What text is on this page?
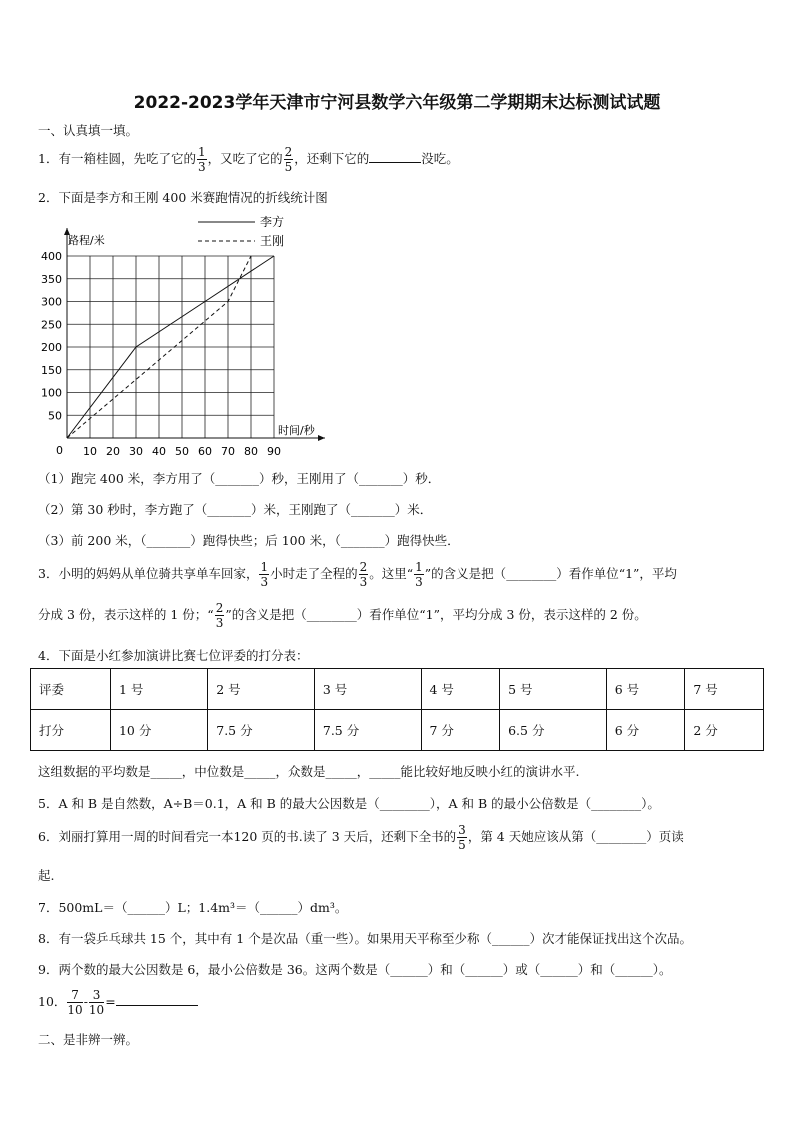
2022-2023学年天津市宁河县数学六年级第二学期期末达标测试试题
一、认真填一填。
1．有一箱桂圆，先吃了它的 $\frac{1}{3}$ ，又吃了它的 $\frac{2}{5}$ ，还剩下它的	没吃。
2．下面是李方和王刚 400 米赛跑情况的折线统计图
10 20 30 40 50 60 70 80 90
50
100
150
200
250
300
350
400
李方
王刚
路程/米
时间/秒
0
（1）跑完 400 米，李方用了（_______）秒，王刚用了（_______）秒．
（2）第 30 秒时，李方跑了（_______）米，王刚跑了（_______）米．
（3）前 200 米，（_______）跑得快些；后 100 米，（_______）跑得快些．
3．小明的妈妈从单位骑共享单车回家， $\frac{1}{3}$ 小时走了全程的 $\frac{2}{3}$ 。这里“ $\frac{1}{3}$ ”的含义是把（________）看作单位“1”，平均
分成 3 份，表示这样的 1 份；“ $\frac{2}{3}$ ”的含义是把（________）看作单位“1”，平均分成 3 份，表示这样的 2 份。
4．下面是小红参加演讲比赛七位评委的打分表：
评委	1 号	2 号	3 号	4 号	5 号	6 号	7 号
打分	10 分	7.5 分	7.5 分	7 分	6.5 分	6 分	2 分
这组数据的平均数是_____，中位数是_____，众数是_____，_____能比较好地反映小红的演讲水平.
5．A 和 B 是自然数，A÷B＝0.1，A 和 B 的最大公因数是（________），A 和 B 的最小公倍数是（________）。
6．刘丽打算用一周的时间看完一本120 页的书.读了 3 天后，还剩下全书的 $\frac{3}{5}$ ，第 4 天她应该从第（________）页读
起.
7．500mL＝（______）L；1.4m³＝（______）dm³。
8．有一袋乒乓球共 15 个，其中有 1 个是次品（重一些）。如果用天平称至少称（______）次才能保证找出这个次品。
9．两个数的最大公因数是 6，最小公倍数是 36。这两个数是（______）和（______）或（______）和（______）。
10． $\frac{7}{10} - \frac{3}{10}$ =
二、是非辨一辨。
